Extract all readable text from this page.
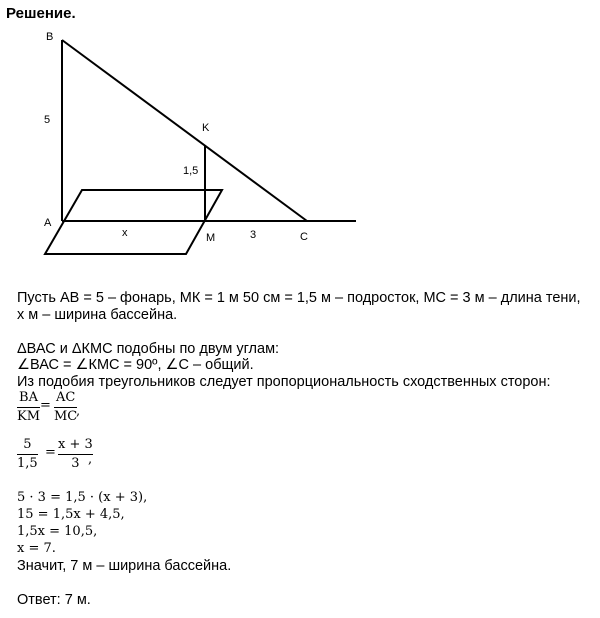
Решение.
B
K
A
M	C
5
1,5
x	3
Пусть АВ = 5 – фонарь, МК = 1 м 50 см = 1,5 м – подросток, МС = 3 м – длина тени,
х м – ширина бассейна.
ΔВАС и ΔКМС подобны по двум углам:
∠ВАС = ∠КМС = 90º, ∠С – общий.
Из подобия треугольников следует пропорциональность сходственных сторон:
BA
KM
=
AC
MC
,
5
1,5
=
x + 3
3 ,
5 · 3 = 1,5 · (x + 3),
15 = 1,5x + 4,5,
1,5x = 10,5,
x = 7.
Значит, 7 м – ширина бассейна.
Ответ: 7 м.
